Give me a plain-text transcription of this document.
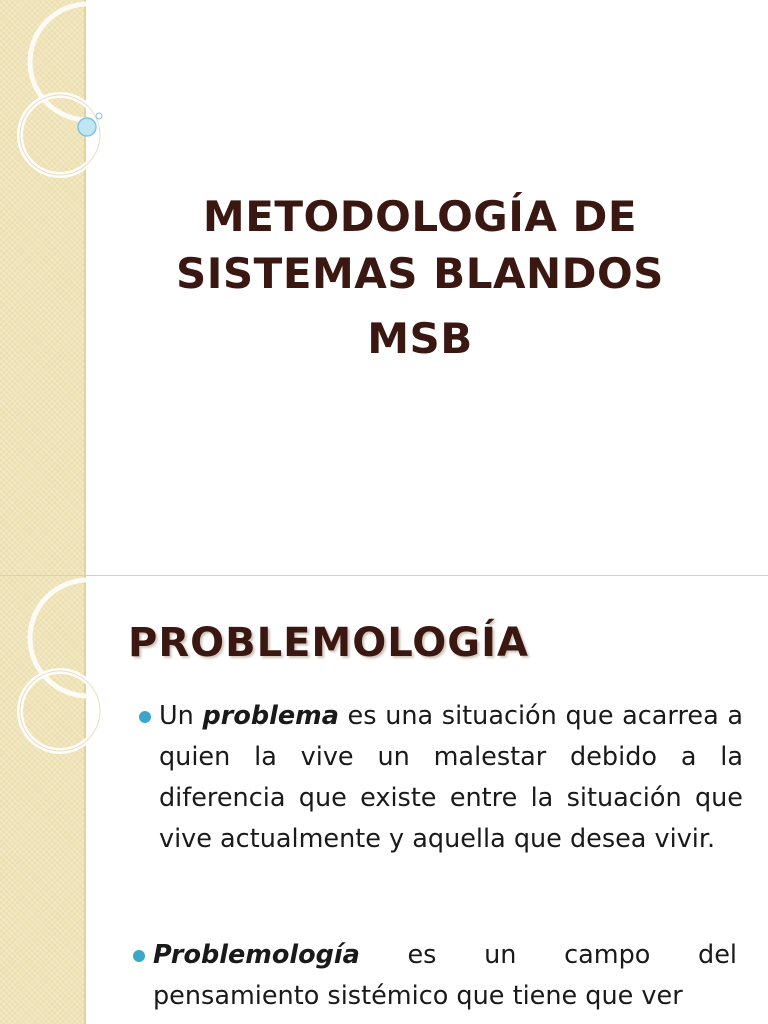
METODOLOGÍA DE
SISTEMAS BLANDOS
MSB
PROBLEMOLOGÍA
Un problema es una situación que acarrea a quien la vive un malestar debido a la diferencia que existe entre la situación que vive actualmente y aquella que desea vivir.
Problemología es un campo del pensamiento sistémico que tiene que ver
